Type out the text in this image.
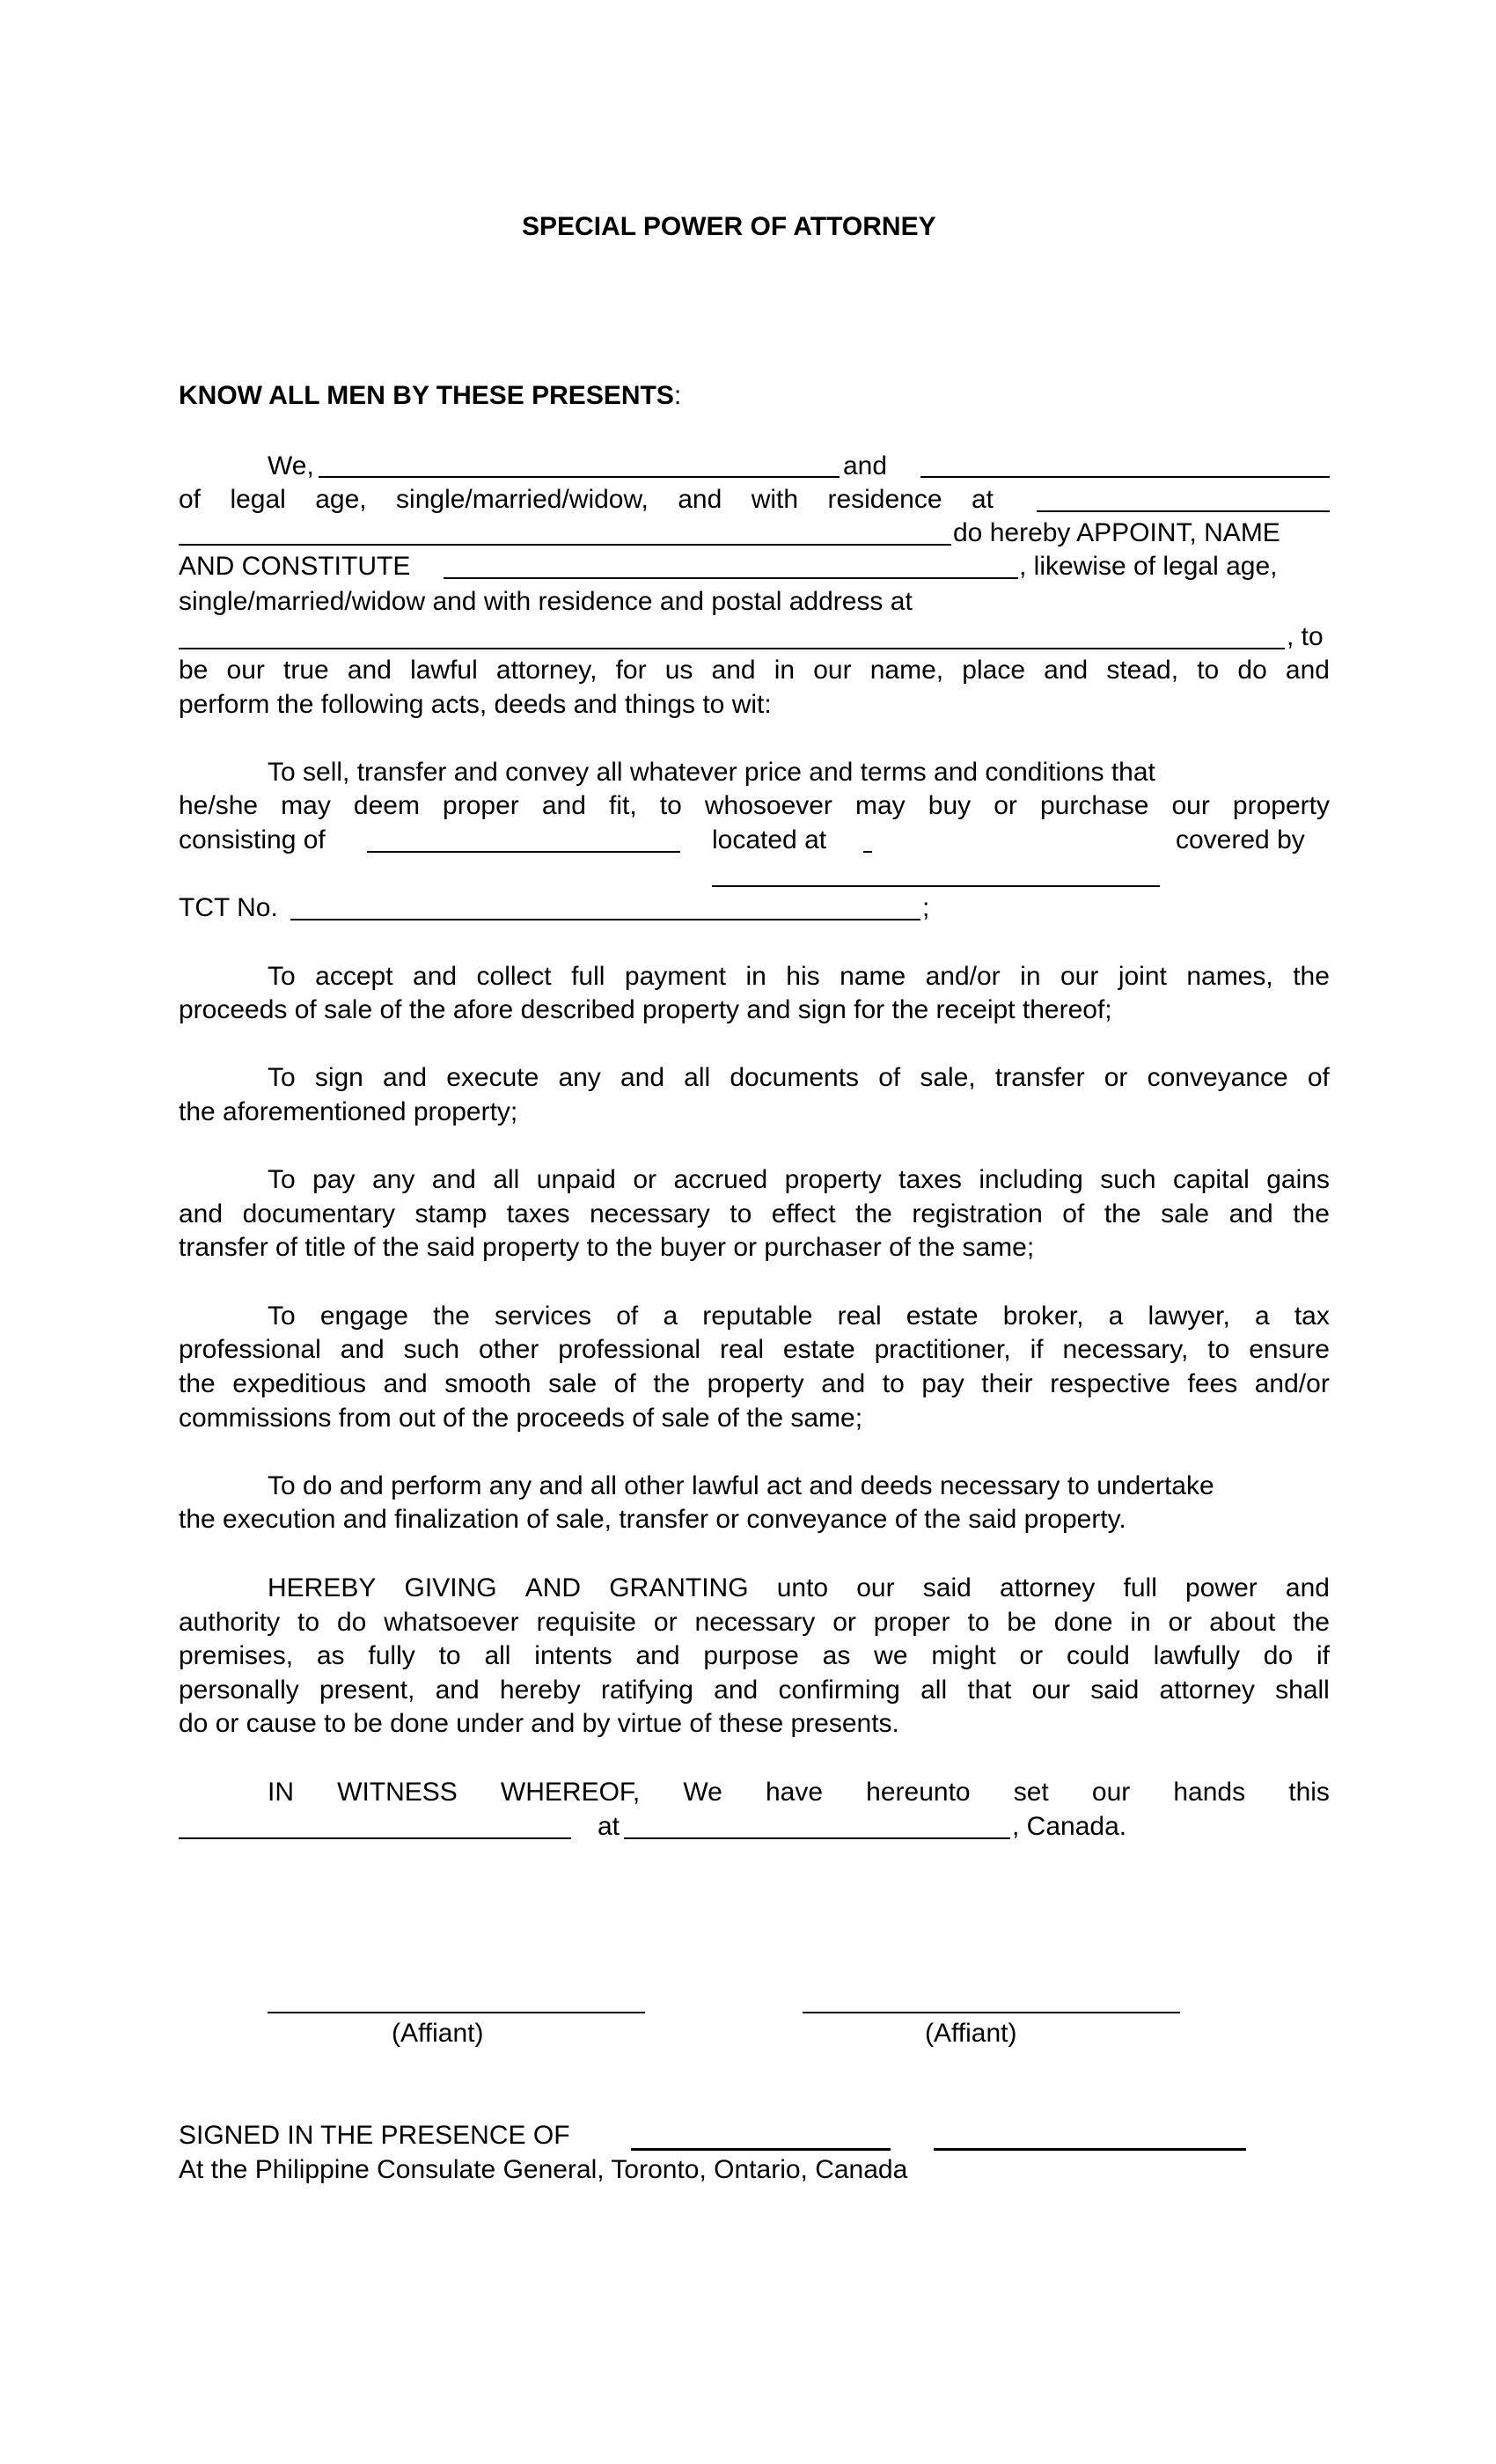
SPECIAL POWER OF ATTORNEY
KNOW ALL MEN BY THESE PRESENTS:
We,	and
of legal age, single/married/widow, and with residence at
do hereby APPOINT, NAME
AND CONSTITUTE	, likewise of legal age,
single/married/widow and with residence and postal address at
, to
be our true and lawful attorney, for us and in our name, place and stead, to do and
perform the following acts, deeds and things to wit:
To sell, transfer and convey all whatever price and terms and conditions that
he/she may deem proper and fit, to whosoever may buy or purchase our property
consisting of	located at	covered by
TCT No.	;
To accept and collect full payment in his name and/or in our joint names, the
proceeds of sale of the afore described property and sign for the receipt thereof;
To sign and execute any and all documents of sale, transfer or conveyance of
the aforementioned property;
To pay any and all unpaid or accrued property taxes including such capital gains
and documentary stamp taxes necessary to effect the registration of the sale and the
transfer of title of the said property to the buyer or purchaser of the same;
To engage the services of a reputable real estate broker, a lawyer, a tax
professional and such other professional real estate practitioner, if necessary, to ensure
the expeditious and smooth sale of the property and to pay their respective fees and/or
commissions from out of the proceeds of sale of the same;
To do and perform any and all other lawful act and deeds necessary to undertake
the execution and finalization of sale, transfer or conveyance of the said property.
HEREBY GIVING AND GRANTING unto our said attorney full power and
authority to do whatsoever requisite or necessary or proper to be done in or about the
premises, as fully to all intents and purpose as we might or could lawfully do if
personally present, and hereby ratifying and confirming all that our said attorney shall
do or cause to be done under and by virtue of these presents.
IN WITNESS WHEREOF, We have hereunto set our hands this
at	, Canada.
(Affiant)	(Affiant)
SIGNED IN THE PRESENCE OF
At the Philippine Consulate General, Toronto, Ontario, Canada
